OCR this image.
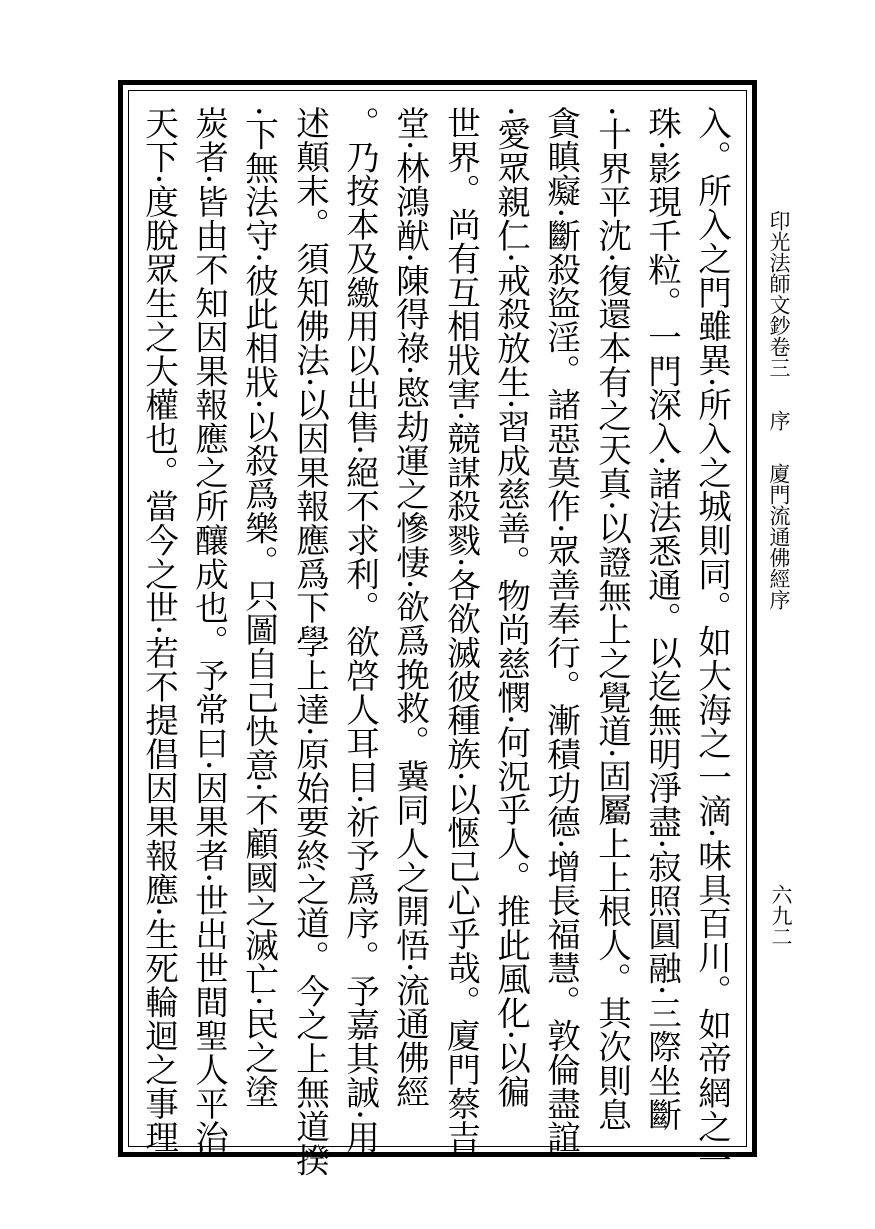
印光法師文鈔卷三序廈門流通佛經序
六九二
入。所入之門雖異·所入之城則同。如大海之一滴·味具百川。如帝網之一
珠·影現千粒。一門深入·諸法悉通。以迄無明淨盡·寂照圓融·三際坐斷
·十界平沈·復還本有之天真·以證無上之覺道·固屬上上根人。其次則息
貪瞋癡·斷殺盜淫。諸惡莫作·眾善奉行。漸積功德·增長福慧。敦倫盡誼
·愛眾親仁·戒殺放生·習成慈善。物尚慈憫·何況乎人。推此風化·以徧
世界。尚有互相戕害·競謀殺戮·各欲滅彼種族·以愜己心乎哉。廈門蔡吉
堂·林鴻猷·陳得祿·愍劫運之慘悽·欲爲挽救。冀同人之開悟·流通佛經
。乃按本及繳用以出售·絕不求利。欲啓人耳目·祈予爲序。予嘉其誠·用
述顛末。須知佛法·以因果報應爲下學上達·原始要終之道。今之上無道揆
·下無法守·彼此相戕·以殺爲樂。只圖自己快意·不顧國之滅亡·民之塗
炭者·皆由不知因果報應之所釀成也。予常曰·因果者·世出世間聖人平治
天下·度脫眾生之大權也。當今之世·若不提倡因果報應·生死輪迴之事理
